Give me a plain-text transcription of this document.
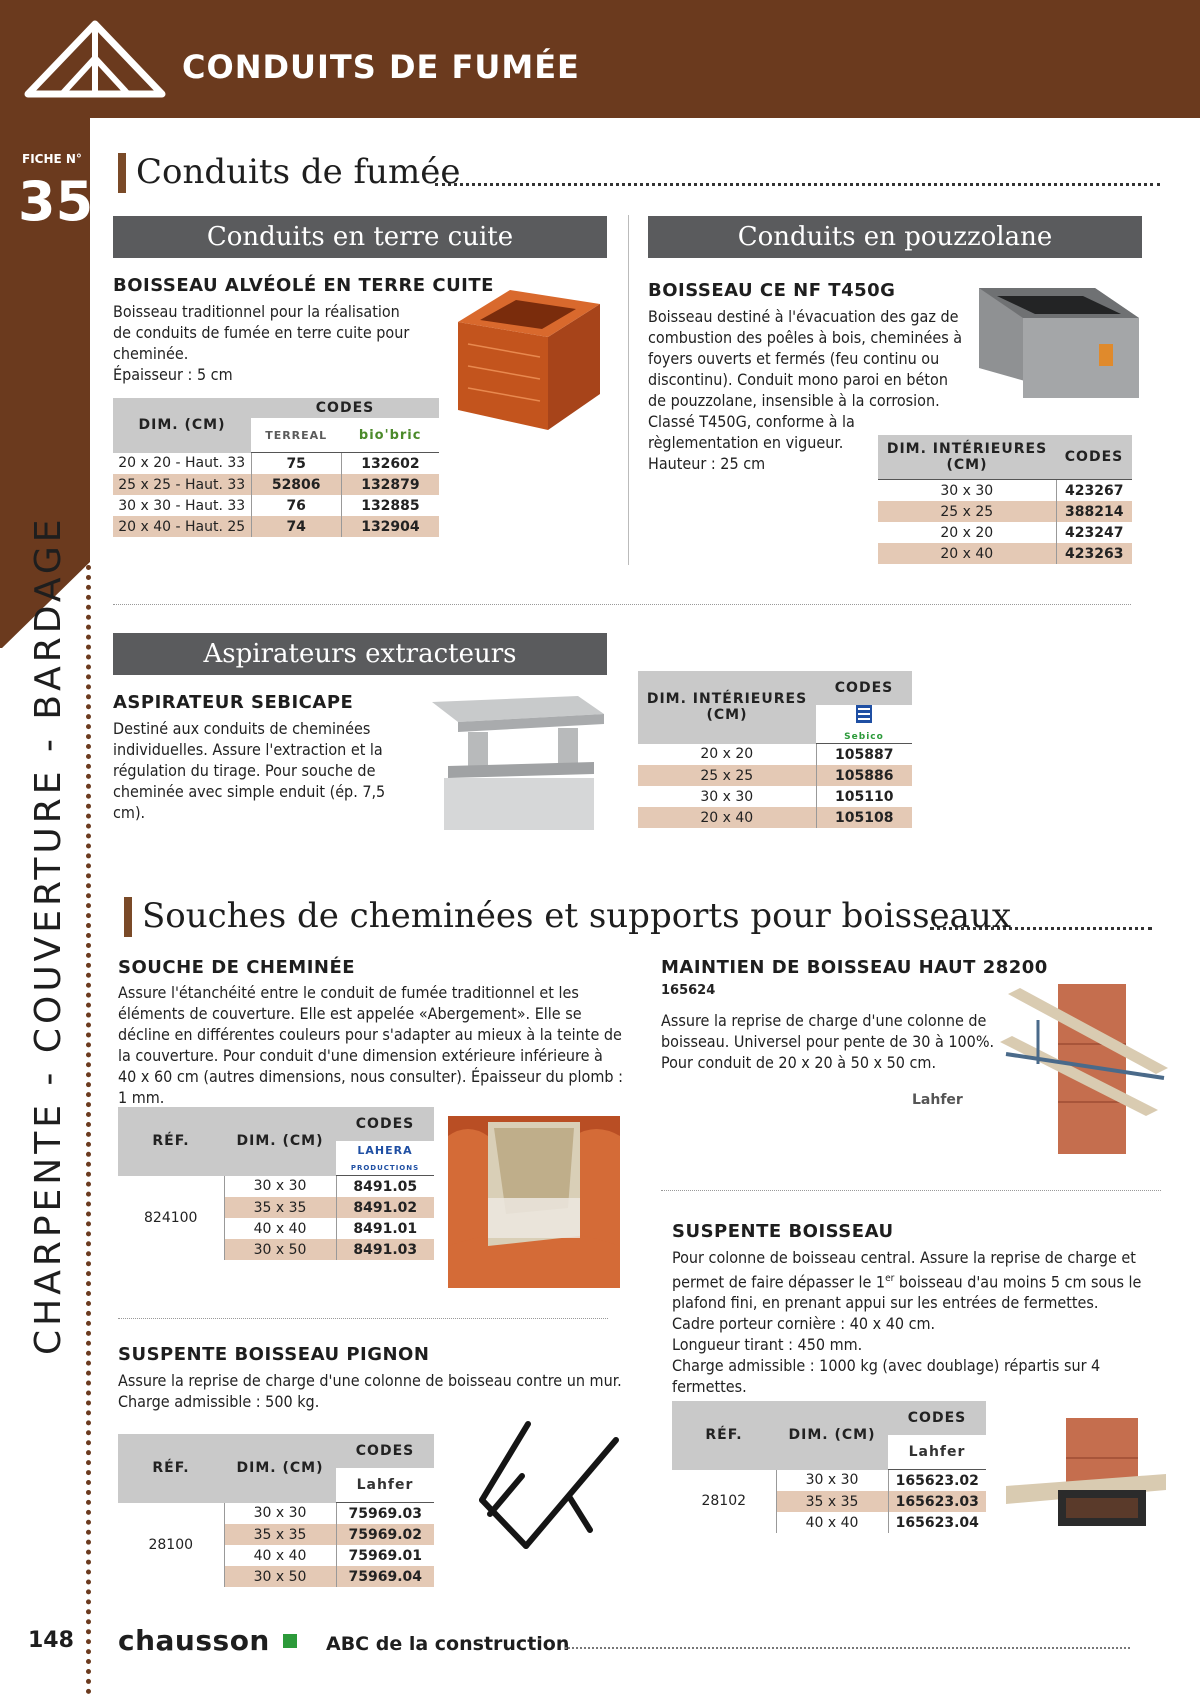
CONDUITS DE FUMÉE
FICHE N°
35
CHARPENTE - COUVERTURE - BARDAGE
Conduits de fumée
Conduits en terre cuite
BOISSEAU ALVÉOLÉ EN TERRE CUITE
Boisseau traditionnel pour la réalisation de conduits de fumée en terre cuite pour cheminée.
Épaisseur : 5 cm
DIM. (CM)	CODES	
	TERREAL	bio'bric
20 x 20 - Haut. 33	75	132602
25 x 25 - Haut. 33	52806	132879
30 x 30 - Haut. 33	76	132885
20 x 40 - Haut. 25	74	132904
Conduits en pouzzolane
BOISSEAU CE NF T450G
Boisseau destiné à l'évacuation des gaz de combustion des poêles à bois, cheminées à foyers ouverts et fermés (feu continu ou discontinu). Conduit mono paroi en béton de pouzzolane, insensible à la corrosion. Classé T450G, conforme à la règlementation en vigueur.
Hauteur : 25 cm
DIM. INTÉRIEURES (CM)	CODES
30 x 30	423267
25 x 25	388214
20 x 20	423247
20 x 40	423263
Aspirateurs extracteurs
ASPIRATEUR SEBICAPE
Destiné aux conduits de cheminées individuelles. Assure l'extraction et la régulation du tirage. Pour souche de cheminée avec simple enduit (ép. 7,5 cm).
DIM. INTÉRIEURES (CM)	CODES

Sebico
20 x 20	105887
25 x 25	105886
30 x 30	105110
20 x 40	105108
Souches de cheminées et supports pour boisseaux
SOUCHE DE CHEMINÉE
Assure l'étanchéité entre le conduit de fumée traditionnel et les éléments de couverture. Elle est appelée «Abergement». Elle se décline en différentes couleurs pour s'adapter au mieux à la teinte de la couverture. Pour conduit d'une dimension extérieure inférieure à 40 x 60 cm (autres dimensions, nous consulter). Épaisseur du plomb : 1 mm.
RÉF.	DIM. (CM)	CODES
		LAHERA
PRODUCTIONS
824100	30 x 30	8491.05
	35 x 35	8491.02
	40 x 40	8491.01
	30 x 50	8491.03
MAINTIEN DE BOISSEAU HAUT 28200
165624
Assure la reprise de charge d'une colonne de boisseau. Universel pour pente de 30 à 100%. Pour conduit de 20 x 20 à 50 x 50 cm.
Lahfer
SUSPENTE BOISSEAU PIGNON
Assure la reprise de charge d'une colonne de boisseau contre un mur. Charge admissible : 500 kg.
RÉF.	DIM. (CM)	CODES
		Lahfer
28100	30 x 30	75969.03
	35 x 35	75969.02
	40 x 40	75969.01
	30 x 50	75969.04
SUSPENTE BOISSEAU
Pour colonne de boisseau central. Assure la reprise de charge et permet de faire dépasser le 1er boisseau d'au moins 5 cm sous le plafond fini, en prenant appui sur les entrées de fermettes.
Cadre porteur cornière : 40 x 40 cm.
Longueur tirant : 450 mm.
Charge admissible : 1000 kg (avec doublage) répartis sur 4 fermettes.
RÉF.	DIM. (CM)	CODES
		Lahfer
28102	30 x 30	165623.02
	35 x 35	165623.03
	40 x 40	165623.04
148 chausson	ABC de la construction
